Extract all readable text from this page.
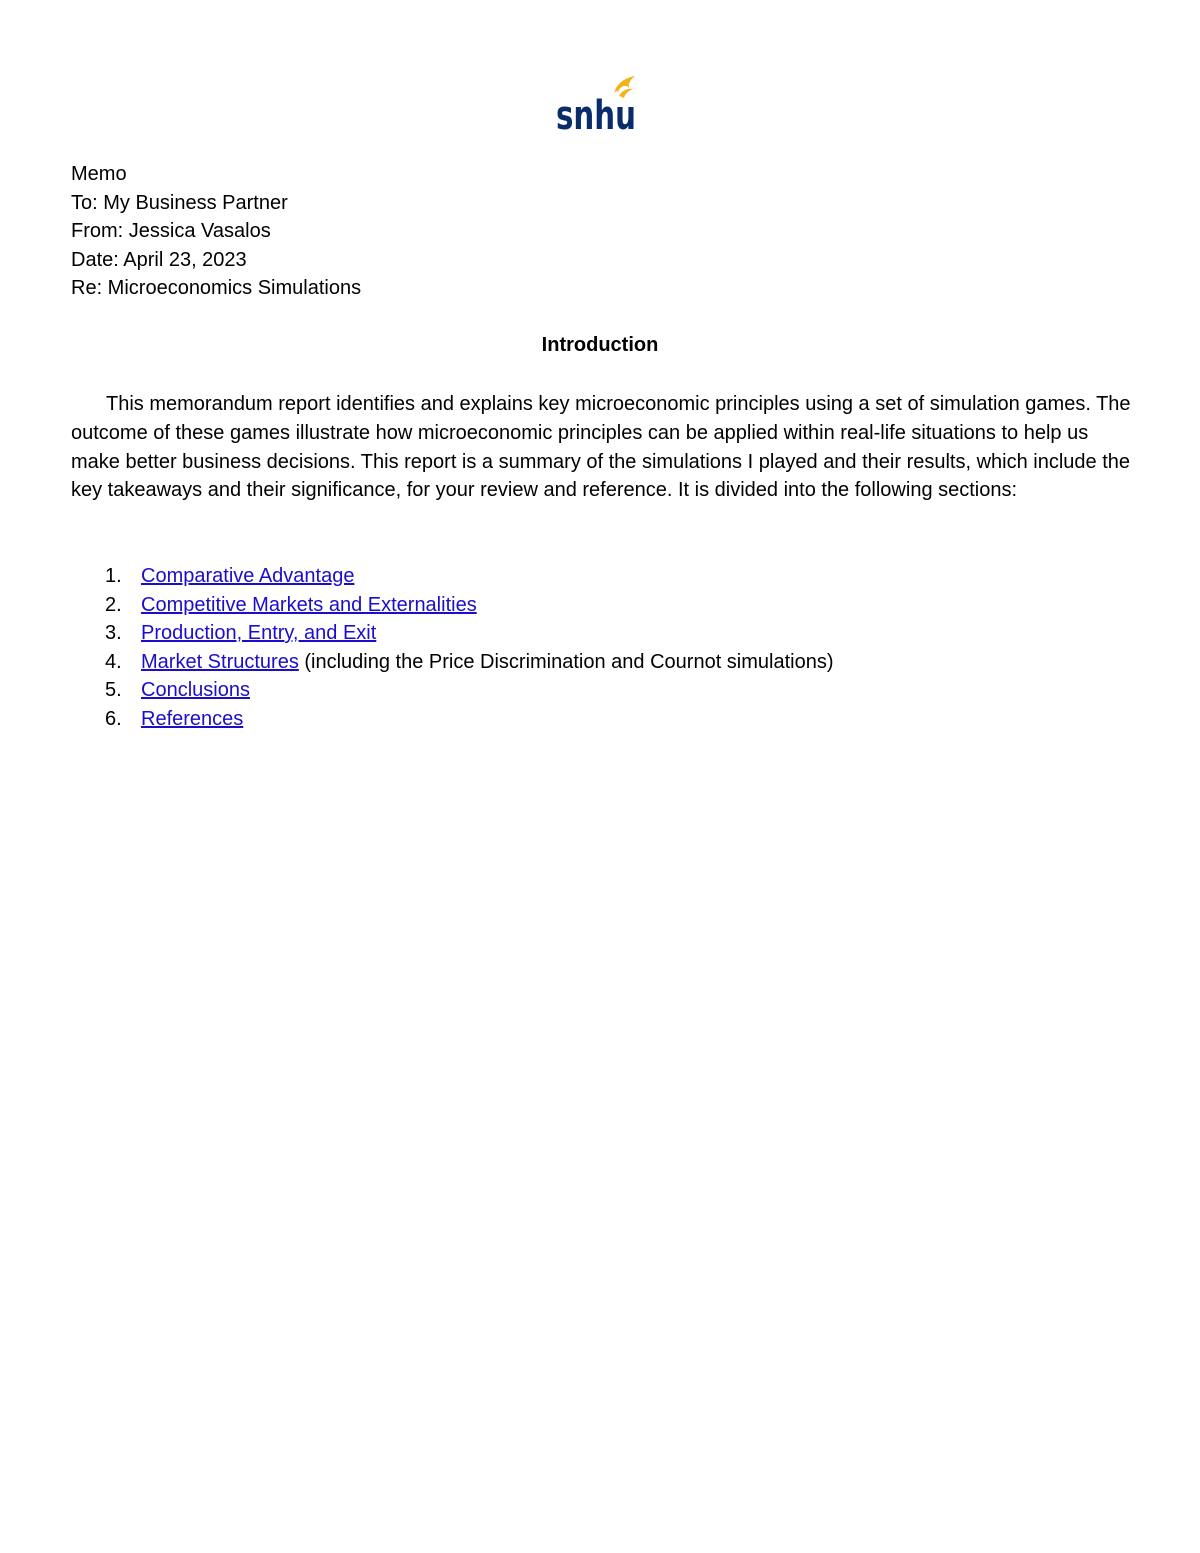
snhu
Memo
To: My Business Partner
From: Jessica Vasalos
Date: April 23, 2023
Re: Microeconomics Simulations
Introduction

This memorandum report identifies and explains key microeconomic principles using a set of simulation games. The outcome of these games illustrate how microeconomic principles can be applied within real-life situations to help us make better business decisions. This report is a summary of the simulations I played and their results, which include the key takeaways and their significance, for your review and reference. It is divided into the following sections:

1. Comparative Advantage
2. Competitive Markets and Externalities
3. Production, Entry, and Exit
4. Market Structures (including the Price Discrimination and Cournot simulations)
5. Conclusions
6. References
